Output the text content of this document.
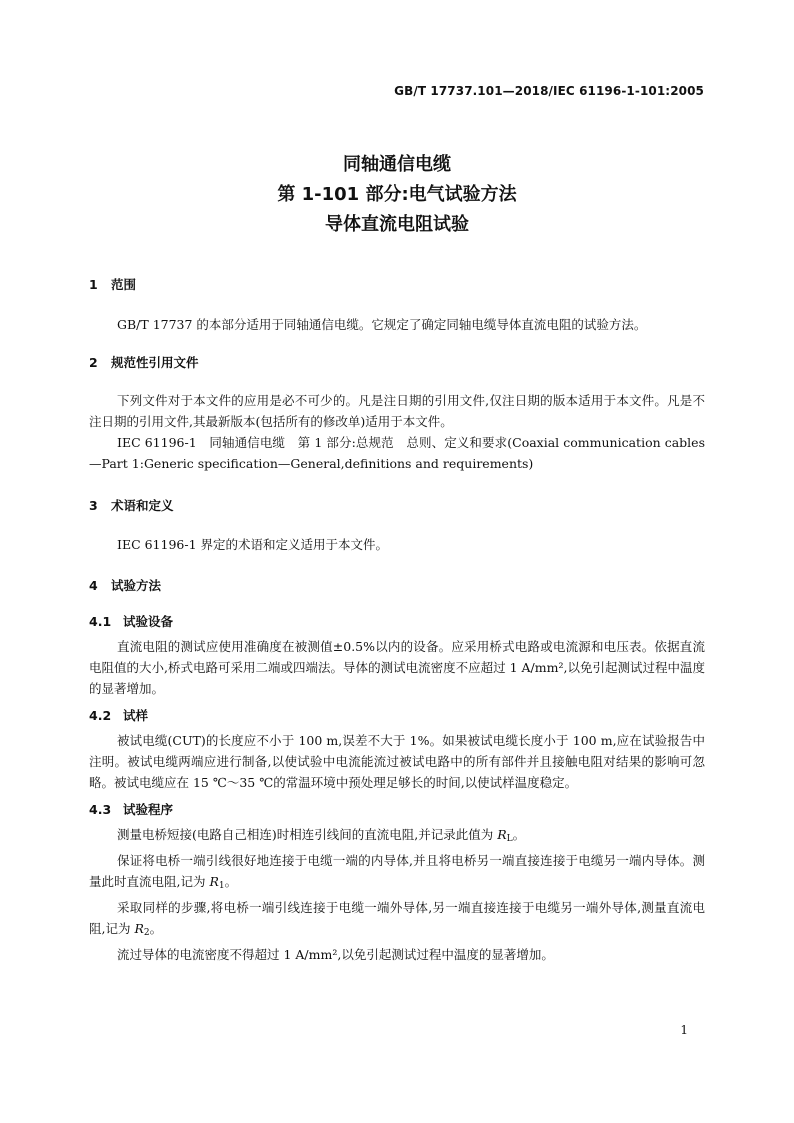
GB/T 17737.101—2018/IEC 61196-1-101:2005
同轴通信电缆
第 1-101 部分:电气试验方法
导体直流电阻试验
1 范围

GB/T 17737 的本部分适用于同轴通信电缆。它规定了确定同轴电缆导体直流电阻的试验方法。

2 规范性引用文件

下列文件对于本文件的应用是必不可少的。凡是注日期的引用文件,仅注日期的版本适用于本文件。凡是不注日期的引用文件,其最新版本(包括所有的修改单)适用于本文件。

IEC 61196-1　同轴通信电缆　第 1 部分:总规范　总则、定义和要求(Coaxial communication cables—Part 1:Generic specification—General,definitions and requirements)

3 术语和定义

IEC 61196-1 界定的术语和定义适用于本文件。

4 试验方法
4.1 试验设备

直流电阻的测试应使用准确度在被测值±0.5%以内的设备。应采用桥式电路或电流源和电压表。依据直流电阻值的大小,桥式电路可采用二端或四端法。导体的测试电流密度不应超过 1 A/mm²,以免引起测试过程中温度的显著增加。

4.2 试样

被试电缆(CUT)的长度应不小于 100 m,误差不大于 1%。如果被试电缆长度小于 100 m,应在试验报告中注明。被试电缆两端应进行制备,以使试验中电流能流过被试电路中的所有部件并且接触电阻对结果的影响可忽略。被试电缆应在 15 ℃～35 ℃的常温环境中预处理足够长的时间,以使试样温度稳定。

4.3 试验程序

测量电桥短接(电路自己相连)时相连引线间的直流电阻,并记录此值为 $R_L$。

保证将电桥一端引线很好地连接于电缆一端的内导体,并且将电桥另一端直接连接于电缆另一端内导体。测量此时直流电阻,记为 $R_1$。

采取同样的步骤,将电桥一端引线连接于电缆一端外导体,另一端直接连接于电缆另一端外导体,测量直流电阻,记为 $R_2$。

流过导体的电流密度不得超过 1 A/mm²,以免引起测试过程中温度的显著增加。

1
